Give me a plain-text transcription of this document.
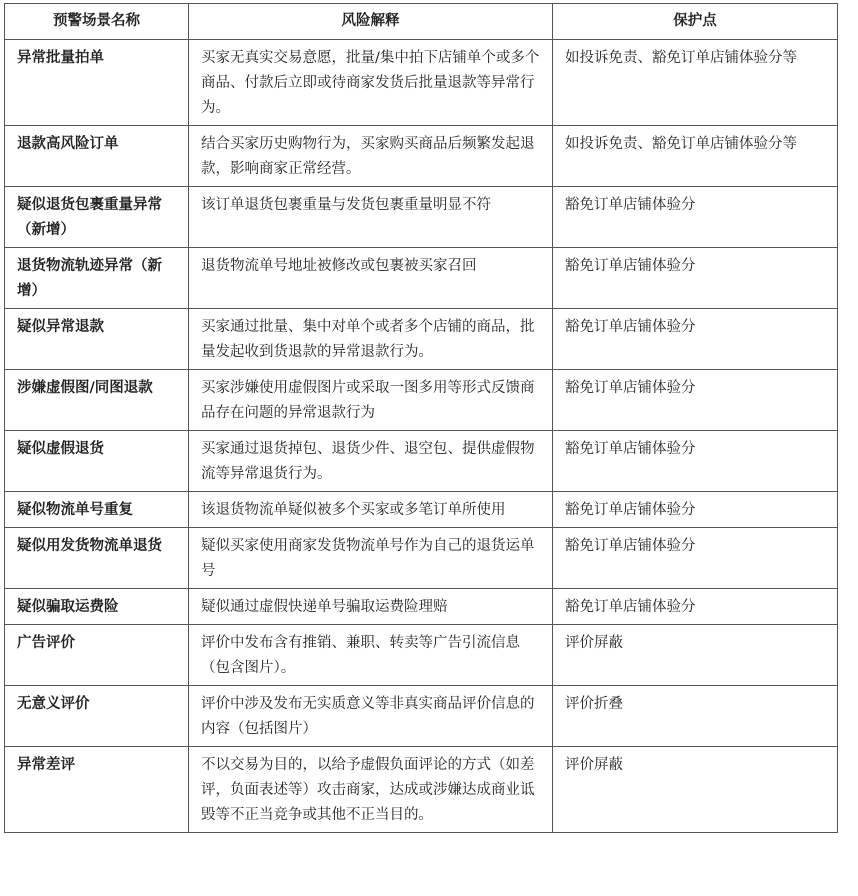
预警场景名称	风险解释	保护点
异常批量拍单	买家无真实交易意愿，批量/集中拍下店铺单个或多个商品、付款后立即或待商家发货后批量退款等异常行为。	如投诉免责、豁免订单店铺体验分等
退款高风险订单	结合买家历史购物行为，买家购买商品后频繁发起退款，影响商家正常经营。	如投诉免责、豁免订单店铺体验分等
疑似退货包裹重量异常（新增）	该订单退货包裹重量与发货包裹重量明显不符	豁免订单店铺体验分
退货物流轨迹异常（新增）	退货物流单号地址被修改或包裹被买家召回	豁免订单店铺体验分
疑似异常退款	买家通过批量、集中对单个或者多个店铺的商品，批量发起收到货退款的异常退款行为。	豁免订单店铺体验分
涉嫌虚假图/同图退款	买家涉嫌使用虚假图片或采取一图多用等形式反馈商品存在问题的异常退款行为	豁免订单店铺体验分
疑似虚假退货	买家通过退货掉包、退货少件、退空包、提供虚假物流等异常退货行为。	豁免订单店铺体验分
疑似物流单号重复	该退货物流单疑似被多个买家或多笔订单所使用	豁免订单店铺体验分
疑似用发货物流单退货	疑似买家使用商家发货物流单号作为自己的退货运单号	豁免订单店铺体验分
疑似骗取运费险	疑似通过虚假快递单号骗取运费险理赔	豁免订单店铺体验分
广告评价	评价中发布含有推销、兼职、转卖等广告引流信息（包含图片）。	评价屏蔽
无意义评价	评价中涉及发布无实质意义等非真实商品评价信息的内容（包括图片）	评价折叠
异常差评	不以交易为目的，以给予虚假负面评论的方式（如差评，负面表述等）攻击商家，达成或涉嫌达成商业诋毁等不正当竞争或其他不正当目的。	评价屏蔽
